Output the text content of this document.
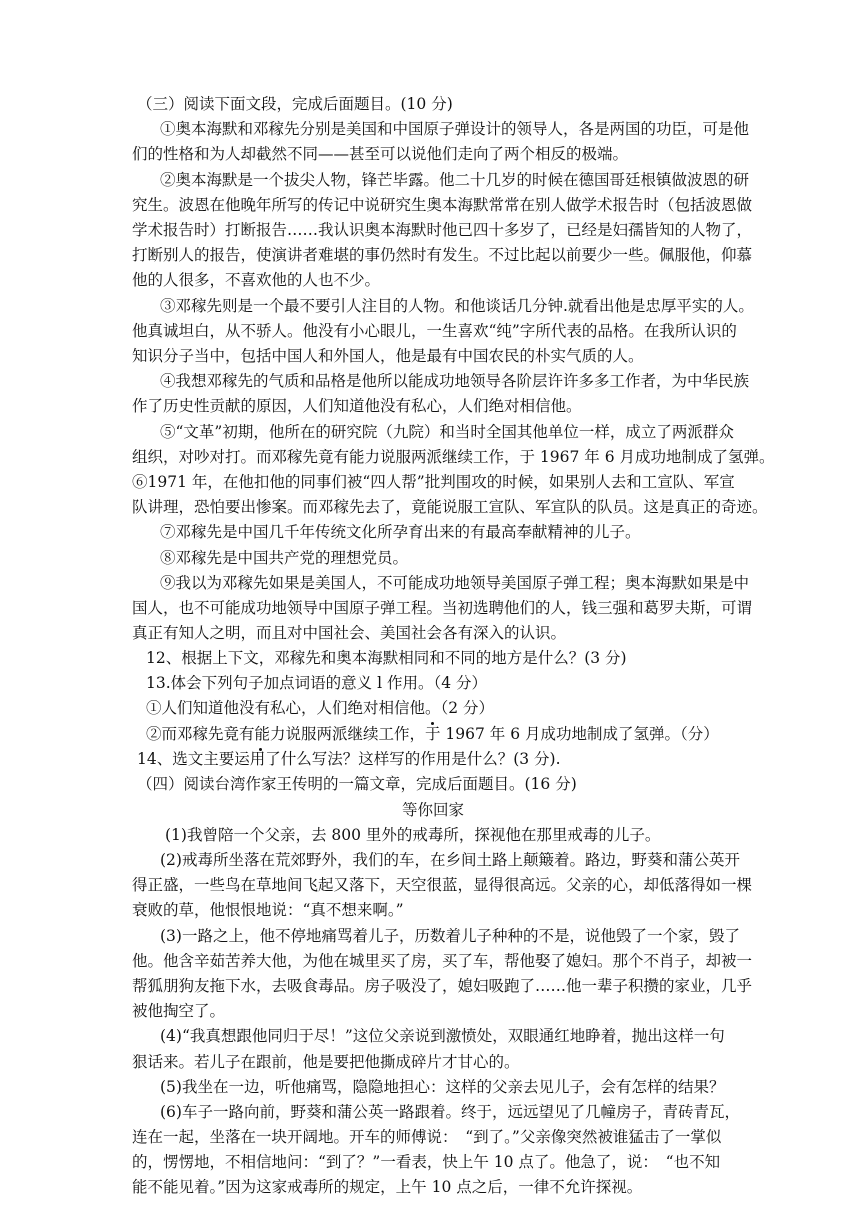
（三）阅读下面文段，完成后面题目。(10 分)
①奥本海默和邓稼先分别是美国和中国原子弹设计的领导人，各是两国的功臣，可是他
们的性格和为人却截然不同——甚至可以说他们走向了两个相反的极端。
②奥本海默是一个拔尖人物，锋芒毕露。他二十几岁的时候在德国哥廷根镇做波恩的研
究生。波恩在他晚年所写的传记中说研究生奥本海默常常在别人做学术报告时（包括波恩做
学术报告时）打断报告……我认识奥本海默时他已四十多岁了，已经是妇孺皆知的人物了，
打断别人的报告，使演讲者难堪的事仍然时有发生。不过比起以前要少一些。佩服他，仰慕
他的人很多，不喜欢他的人也不少。
③邓稼先则是一个最不要引人注目的人物。和他谈话几分钟.就看出他是忠厚平实的人。
他真诚坦白，从不骄人。他没有小心眼儿，一生喜欢“纯”字所代表的品格。在我所认识的
知识分子当中，包括中国人和外国人，他是最有中国农民的朴实气质的人。
④我想邓稼先的气质和品格是他所以能成功地领导各阶层许许多多工作者，为中华民族
作了历史性贡献的原因，人们知道他没有私心，人们绝对相信他。
⑤“文革”初期，他所在的研究院（九院）和当时全国其他单位一样，成立了两派群众
组织，对吵对打。而邓稼先竟有能力说服两派继续工作，于 1967 年 6 月成功地制成了氢弹。
⑥1971 年，在他扣他的同事们被“四人帮”批判围攻的时候，如果别人去和工宣队、军宣
队讲理，恐怕要出惨案。而邓稼先去了，竟能说服工宣队、军宣队的队员。这是真正的奇迹。
⑦邓稼先是中国几千年传统文化所孕育出来的有最高奉献精神的儿子。
⑧邓稼先是中国共产党的理想党员。
⑨我以为邓稼先如果是美国人，不可能成功地领导美国原子弹工程；奥本海默如果是中
国人，也不可能成功地领导中国原子弹工程。当初选聘他们的人，钱三强和葛罗夫斯，可谓
真正有知人之明，而且对中国社会、美国社会各有深入的认识。
12、根据上下文，邓稼先和奥本海默相同和不同的地方是什么？(3 分)
13.体会下列句子加点词语的意义 l 作用。（4 分）
①人们知道他没有私心，人们绝对相信他。（2 分）
②而邓稼先竟有能力说服两派继续工作，于 1967 年 6 月成功地制成了氢弹。（分）
14、选文主要运用了什么写法？这样写的作用是什么？(3 分).
（四）阅读台湾作家王传明的一篇文章，完成后面题目。(16 分)
等你回家
(1)我曾陪一个父亲，去 800 里外的戒毒所，探视他在那里戒毒的儿子。
(2)戒毒所坐落在荒郊野外，我们的车，在乡间土路上颠簸着。路边，野葵和蒲公英开
得正盛，一些鸟在草地间飞起又落下，天空很蓝，显得很高远。父亲的心，却低落得如一棵
衰败的草，他恨恨地说：“真不想来啊。”
(3)一路之上，他不停地痛骂着儿子，历数着儿子种种的不是，说他毁了一个家，毁了
他。他含辛茹苦养大他，为他在城里买了房，买了车，帮他娶了媳妇。那个不肖子，却被一
帮狐朋狗友拖下水，去吸食毒品。房子吸没了，媳妇吸跑了……他一辈子积攒的家业，几乎
被他掏空了。
(4)“我真想跟他同归于尽！”这位父亲说到激愤处，双眼通红地睁着，抛出这样一句
狠话来。若儿子在跟前，他是要把他撕成碎片才甘心的。
(5)我坐在一边，听他痛骂，隐隐地担心：这样的父亲去见儿子，会有怎样的结果？
(6)车子一路向前，野葵和蒲公英一路跟着。终于，远远望见了几幢房子，青砖青瓦，
连在一起，坐落在一块开阔地。开车的师傅说：　“到了。”父亲像突然被谁猛击了一掌似
的，愣愣地，不相信地问：“到了？”一看表，快上午 10 点了。他急了，说：　“也不知
能不能见着。”因为这家戒毒所的规定，上午 10 点之后，一律不允许探视。
